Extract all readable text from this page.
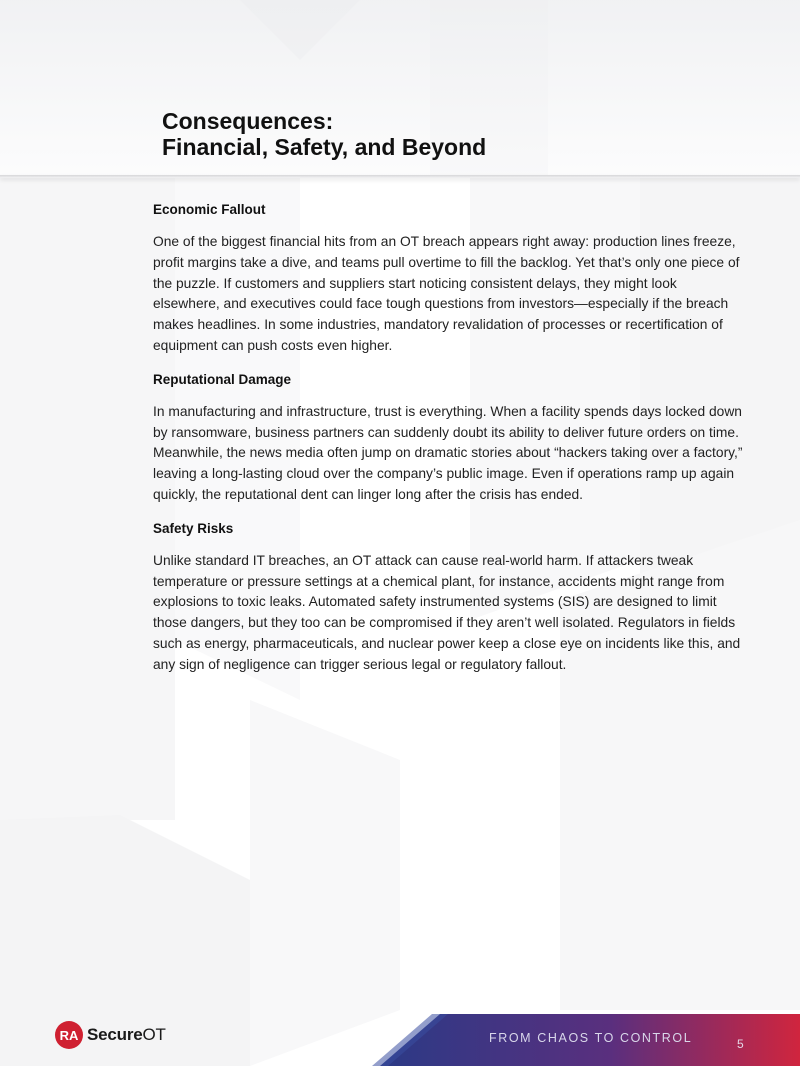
Consequences:
Financial, Safety, and Beyond
Economic Fallout

One of the biggest financial hits from an OT breach appears right away: production lines freeze, profit margins take a dive, and teams pull overtime to fill the backlog. Yet that’s only one piece of the puzzle. If customers and suppliers start noticing consistent delays, they might look elsewhere, and executives could face tough questions from investors—especially if the breach makes headlines. In some industries, mandatory revalidation of processes or recertification of equipment can push costs even higher.

Reputational Damage

In manufacturing and infrastructure, trust is everything. When a facility spends days locked down by ransomware, business partners can suddenly doubt its ability to deliver future orders on time. Meanwhile, the news media often jump on dramatic stories about “hackers taking over a factory,” leaving a long-lasting cloud over the company’s public image. Even if operations ramp up again quickly, the reputational dent can linger long after the crisis has ended.

Safety Risks

Unlike standard IT breaches, an OT attack can cause real-world harm. If attackers tweak temperature or pressure settings at a chemical plant, for instance, accidents might range from explosions to toxic leaks. Automated safety instrumented systems (SIS) are designed to limit those dangers, but they too can be compromised if they aren’t well isolated. Regulators in fields such as energy, pharmaceuticals, and nuclear power keep a close eye on incidents like this, and any sign of negligence can trigger serious legal or regulatory fallout.

RA SecureOT	FROM CHAOS TO CONTROL	5
